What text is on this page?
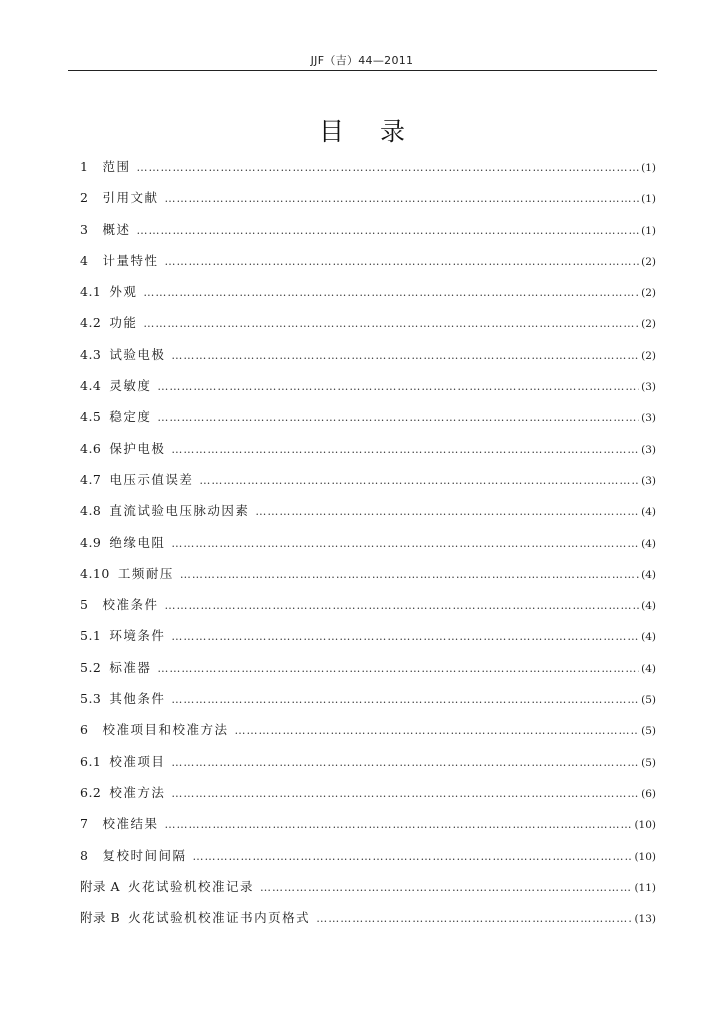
JJF（吉）44—2011
目录
1 范围 …………………………………………………………………………………………………………………………………………………………………………………………	(1)
2 引用文献 …………………………………………………………………………………………………………………………………………………………………………………………	(1)
3 概述 …………………………………………………………………………………………………………………………………………………………………………………………	(1)
4 计量特性 …………………………………………………………………………………………………………………………………………………………………………………………	(2)
4.1 外观 …………………………………………………………………………………………………………………………………………………………………………………………	(2)
4.2 功能 …………………………………………………………………………………………………………………………………………………………………………………………	(2)
4.3 试验电极 …………………………………………………………………………………………………………………………………………………………………………………………	(2)
4.4 灵敏度 …………………………………………………………………………………………………………………………………………………………………………………………	(3)
4.5 稳定度 …………………………………………………………………………………………………………………………………………………………………………………………	(3)
4.6 保护电极 …………………………………………………………………………………………………………………………………………………………………………………………	(3)
4.7 电压示值误差 …………………………………………………………………………………………………………………………………………………………………………………………	(3)
4.8 直流试验电压脉动因素 …………………………………………………………………………………………………………………………………………………………………………………………	(4)
4.9 绝缘电阻 …………………………………………………………………………………………………………………………………………………………………………………………	(4)
4.10 工频耐压 …………………………………………………………………………………………………………………………………………………………………………………………	(4)
5 校准条件 …………………………………………………………………………………………………………………………………………………………………………………………	(4)
5.1 环境条件 …………………………………………………………………………………………………………………………………………………………………………………………	(4)
5.2 标准器 …………………………………………………………………………………………………………………………………………………………………………………………	(4)
5.3 其他条件 …………………………………………………………………………………………………………………………………………………………………………………………	(5)
6 校准项目和校准方法 …………………………………………………………………………………………………………………………………………………………………………………………	(5)
6.1 校准项目 …………………………………………………………………………………………………………………………………………………………………………………………	(5)
6.2 校准方法 …………………………………………………………………………………………………………………………………………………………………………………………	(6)
7 校准结果 …………………………………………………………………………………………………………………………………………………………………………………………	(10)
8 复校时间间隔 …………………………………………………………………………………………………………………………………………………………………………………………	(10)
附录 A 火花试验机校准记录 …………………………………………………………………………………………………………………………………………………………………………………………	(11)
附录 B 火花试验机校准证书内页格式 …………………………………………………………………………………………………………………………………………………………………………………………	(13)
